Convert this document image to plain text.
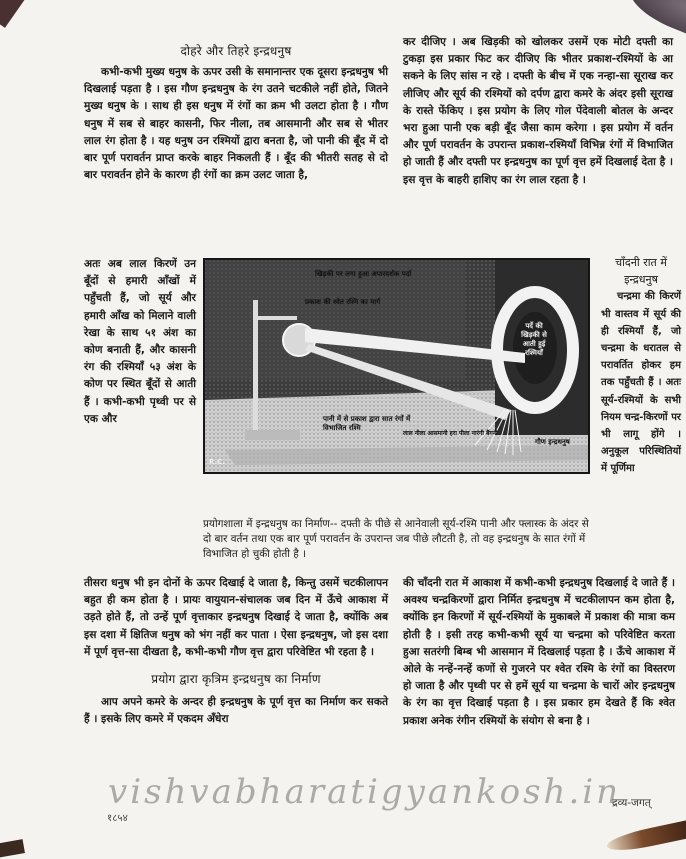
दोहरे और तिहरे इन्द्रधनुष

कभी-कभी मुख्य धनुष के ऊपर उसी के समानान्तर एक दूसरा इन्द्रधनुष भी दिखलाई पड़ता है । इस गौण इन्द्रधनुष के रंग उतने चटकीले नहीं होते, जितने मुख्य धनुष के । साथ ही इस धनुष में रंगों का क्रम भी उलटा होता है । गौण धनुष में सब से बाहर कासनी, फिर नीला, तब आसमानी और सब से भीतर लाल रंग होता है । यह धनुष उन रश्मियों द्वारा बनता है, जो पानी की बूँद में दो बार पूर्ण परावर्तन प्राप्त करके बाहर निकलती हैं । बूँद की भीतरी सतह से दो बार परावर्तन होने के कारण ही रंगों का क्रम उलट जाता है,

कर दीजिए । अब खिड़की को खोलकर उसमें एक मोटी दफ्ती का टुकड़ा इस प्रकार फिट कर दीजिए कि भीतर प्रकाश-रश्मियों के आ सकने के लिए सांस न रहे । दफ्ती के बीच में एक नन्हा-सा सूराख कर लीजिए और सूर्य की रश्मियों को दर्पण द्वारा कमरे के अंदर इसी सूराख के रास्ते फेंकिए । इस प्रयोग के लिए गोल पेंदेवाली बोतल के अन्दर भरा हुआ पानी एक बड़ी बूँद जैसा काम करेगा । इस प्रयोग में वर्तन और पूर्ण परावर्तन के उपरान्त प्रकाश-रश्मियाँ विभिन्न रंगों में विभाजित हो जाती हैं और दफ्ती पर इन्द्रधनुष का पूर्ण वृत्त हमें दिखलाई देता है । इस वृत्त के बाहरी हाशिए का रंग लाल रहता है ।

अतः अब लाल किरणें उन बूँदों से हमारी आँखों में पहुँचती हैं, जो सूर्य और हमारी आँख को मिलाने वाली रेखा के साथ ५१ अंश का कोण बनाती हैं, और कासनी रंग की रश्मियाँ ५३ अंश के कोण पर स्थित बूँदों से आती हैं । कभी-कभी पृथ्वी पर से एक और

चाँदनी रात में
इन्द्रधनुष

चन्द्रमा की किरणें भी वास्तव में सूर्य की ही रश्मियाँ हैं, जो चन्द्रमा के धरातल से परावर्तित होकर हम तक पहुँचती हैं । अतः सूर्य-रश्मियों के सभी नियम चन्द्र-किरणों पर भी लागू होंगे । अनुकूल परिस्थितियों में पूर्णिमा

खिड़की पर लगा हुआ अपारदर्शक पर्दा
प्रकाश की श्वेत रश्मि का मार्ग
पर्दे की खिड़की से आती हुई रश्मियाँ
पानी में से प्रकाश द्वारा सात रंगों में विभाजित रश्मि
लाल नीला आसमानी हरा पीला नारंगी बैंगनी
गौण इन्द्रधनुष
R.C.
प्रयोगशाला में इन्द्रधनुष का निर्माण-- दफ्ती के पीछे से आनेवाली सूर्य-रश्मि पानी और फ्लास्क के अंदर से दो बार वर्तन तथा एक बार पूर्ण परावर्तन के उपरान्त जब पीछे लौटती है, तो वह इन्द्रधनुष के सात रंगों में विभाजित हो चुकी होती है ।

तीसरा धनुष भी इन दोनों के ऊपर दिखाई दे जाता है, किन्तु उसमें चटकीलापन बहुत ही कम होता है । प्रायः वायुयान-संचालक जब दिन में ऊँचे आकाश में उड़ते होते हैं, तो उन्हें पूर्ण वृत्ताकार इन्द्रधनुष दिखाई दे जाता है, क्योंकि अब इस दशा में क्षितिज धनुष को भंग नहीं कर पाता । ऐसा इन्द्रधनुष, जो इस दशा में पूर्ण वृत्त-सा दीखता है, कभी-कभी गौण वृत्त द्वारा परिवेष्टित भी रहता है ।

प्रयोग द्वारा कृत्रिम इन्द्रधनुष का निर्माण

आप अपने कमरे के अन्दर ही इन्द्रधनुष के पूर्ण वृत्त का निर्माण कर सकते हैं । इसके लिए कमरे में एकदम अँधेरा

की चाँदनी रात में आकाश में कभी-कभी इन्द्रधनुष दिखलाई दे जाते हैं । अवश्य चन्द्रकिरणों द्वारा निर्मित इन्द्रधनुष में चटकीलापन कम होता है, क्योंकि इन किरणों में सूर्य-रश्मियों के मुकाबले में प्रकाश की मात्रा कम होती है । इसी तरह कभी-कभी सूर्य या चन्द्रमा को परिवेष्टित करता हुआ सतरंगी बिम्ब भी आसमान में दिखलाई पड़ता है । ऊँचे आकाश में ओले के नन्हें-नन्हें कणों से गुजरने पर श्वेत रश्मि के रंगों का विस्तरण हो जाता है और पृथ्वी पर से हमें सूर्य या चन्द्रमा के चारों ओर इन्द्रधनुष के रंग का वृत्त दिखाई पड़ता है । इस प्रकार हम देखते हैं कि श्वेत प्रकाश अनेक रंगीन रश्मियों के संयोग से बना है ।

vishvabharatigyankosh.in
१८५४
द्रव्य-जगत्
